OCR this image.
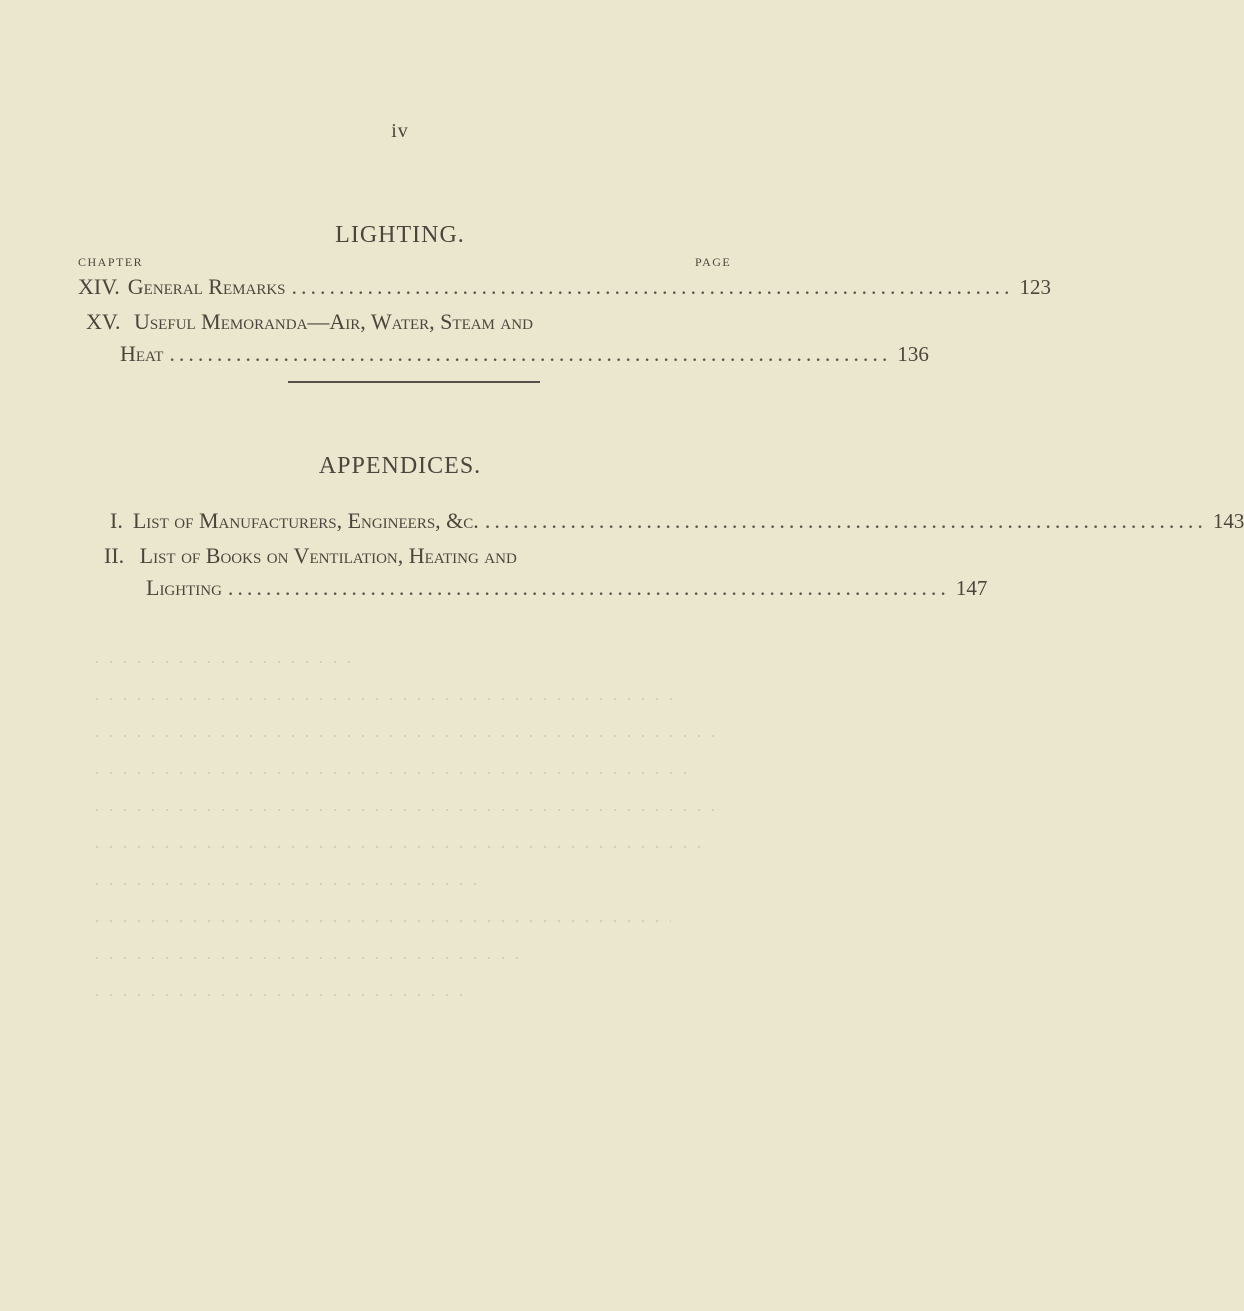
iv
LIGHTING.
CHAPTER	PAGE
XIV. General Remarks ............................................................................ 123
XV. Useful Memoranda—Air, Water, Steam and
Heat ............................................................................ 136
APPENDICES.
I. List of Manufacturers, Engineers, &c. ............................................................................ 143
II. List of Books on Ventilation, Heating and
Lighting ............................................................................ 147
